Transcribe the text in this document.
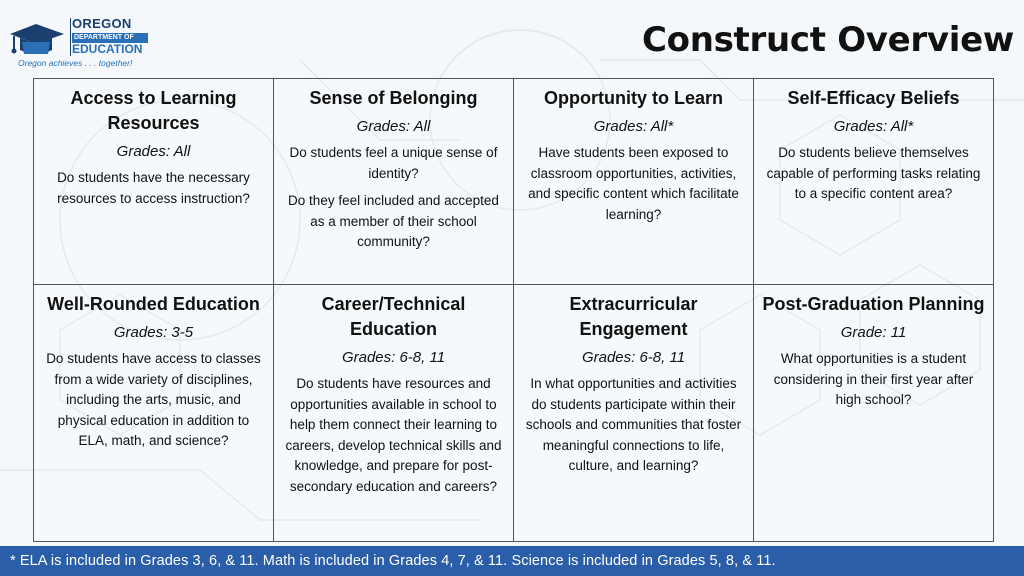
OREGON
DEPARTMENT OF
EDUCATION
Oregon achieves . . . together!
Construct Overview
Access to Learning Resources
Grades: All

Do students have the necessary resources to access instruction?

Sense of Belonging
Grades: All

Do students feel a unique sense of identity?

Do they feel included and accepted as a member of their school community?

Opportunity to Learn
Grades: All*

Have students been exposed to classroom opportunities, activities, and specific content which facilitate learning?

Self-Efficacy Beliefs
Grades: All*

Do students believe themselves capable of performing tasks relating to a specific content area?

Well-Rounded Education
Grades: 3-5

Do students have access to classes from a wide variety of disciplines, including the arts, music, and physical education in addition to ELA, math, and science?

Career/Technical Education
Grades: 6-8, 11

Do students have resources and opportunities available in school to help them connect their learning to careers, develop technical skills and knowledge, and prepare for post-secondary education and careers?

Extracurricular Engagement
Grades: 6-8, 11

In what opportunities and activities do students participate within their schools and communities that foster meaningful connections to life, culture, and learning?

Post-Graduation Planning
Grade: 11

What opportunities is a student considering in their first year after high school?

* ELA is included in Grades 3, 6, & 11. Math is included in Grades 4, 7, & 11. Science is included in Grades 5, 8, & 11.
